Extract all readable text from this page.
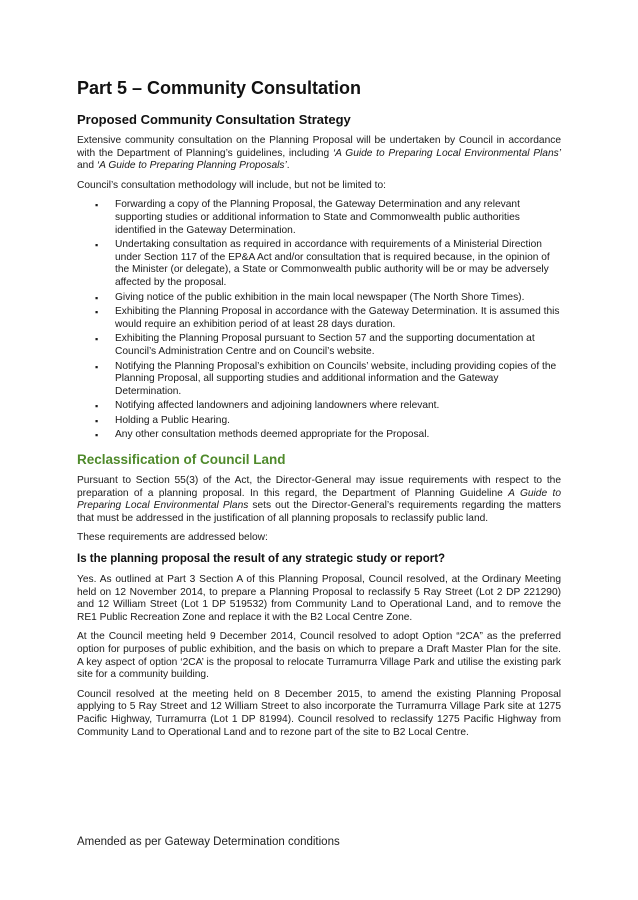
Part 5 – Community Consultation
Proposed Community Consultation Strategy

Extensive community consultation on the Planning Proposal will be undertaken by Council in accordance with the Department of Planning’s guidelines, including ‘A Guide to Preparing Local Environmental Plans’ and ‘A Guide to Preparing Planning Proposals’.

Council’s consultation methodology will include, but not be limited to:

▪ Forwarding a copy of the Planning Proposal, the Gateway Determination and any relevant supporting studies or additional information to State and Commonwealth public authorities identified in the Gateway Determination.
▪ Undertaking consultation as required in accordance with requirements of a Ministerial Direction under Section 117 of the EP&A Act and/or consultation that is required because, in the opinion of the Minister (or delegate), a State or Commonwealth public authority will be or may be adversely affected by the proposal.
▪ Giving notice of the public exhibition in the main local newspaper (The North Shore Times).
▪ Exhibiting the Planning Proposal in accordance with the Gateway Determination. It is assumed this would require an exhibition period of at least 28 days duration.
▪ Exhibiting the Planning Proposal pursuant to Section 57 and the supporting documentation at Council’s Administration Centre and on Council’s website.
▪ Notifying the Planning Proposal’s exhibition on Councils’ website, including providing copies of the Planning Proposal, all supporting studies and additional information and the Gateway Determination.
▪ Notifying affected landowners and adjoining landowners where relevant.
▪ Holding a Public Hearing.
▪ Any other consultation methods deemed appropriate for the Proposal.
Reclassification of Council Land

Pursuant to Section 55(3) of the Act, the Director-General may issue requirements with respect to the preparation of a planning proposal. In this regard, the Department of Planning Guideline A Guide to Preparing Local Environmental Plans sets out the Director-General’s requirements regarding the matters that must be addressed in the justification of all planning proposals to reclassify public land.

These requirements are addressed below:

Is the planning proposal the result of any strategic study or report?

Yes. As outlined at Part 3 Section A of this Planning Proposal, Council resolved, at the Ordinary Meeting held on 12 November 2014, to prepare a Planning Proposal to reclassify 5 Ray Street (Lot 2 DP 221290) and 12 William Street (Lot 1 DP 519532) from Community Land to Operational Land, and to remove the RE1 Public Recreation Zone and replace it with the B2 Local Centre Zone.

At the Council meeting held 9 December 2014, Council resolved to adopt Option “2CA” as the preferred option for purposes of public exhibition, and the basis on which to prepare a Draft Master Plan for the site. A key aspect of option ‘2CA’ is the proposal to relocate Turramurra Village Park and utilise the existing park site for a community building.

Council resolved at the meeting held on 8 December 2015, to amend the existing Planning Proposal applying to 5 Ray Street and 12 William Street to also incorporate the Turramurra Village Park site at 1275 Pacific Highway, Turramurra (Lot 1 DP 81994). Council resolved to reclassify 1275 Pacific Highway from Community Land to Operational Land and to rezone part of the site to B2 Local Centre.

Amended as per Gateway Determination conditions
